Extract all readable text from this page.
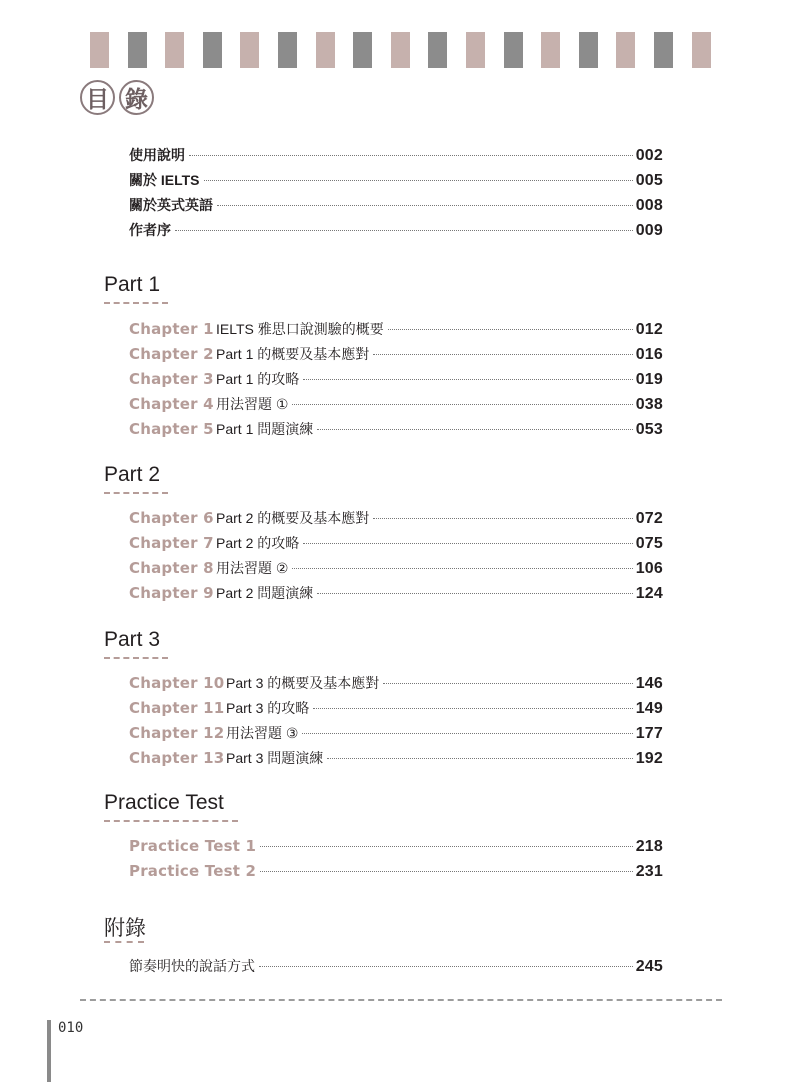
目 錄
使用說明	002
關於 IELTS	005
關於英式英語	008
作者序	009
Part 1
Chapter 1 IELTS 雅思口說測驗的概要	012
Chapter 2 Part 1 的概要及基本應對	016
Chapter 3 Part 1 的攻略	019
Chapter 4 用法習題 ①	038
Chapter 5 Part 1 問題演練	053
Part 2
Chapter 6 Part 2 的概要及基本應對	072
Chapter 7 Part 2 的攻略	075
Chapter 8 用法習題 ②	106
Chapter 9 Part 2 問題演練	124
Part 3
Chapter 10 Part 3 的概要及基本應對	146
Chapter 11 Part 3 的攻略	149
Chapter 12 用法習題 ③	177
Chapter 13 Part 3 問題演練	192
Practice Test
Practice Test 1	218
Practice Test 2	231
附錄
節奏明快的說話方式	245
010
